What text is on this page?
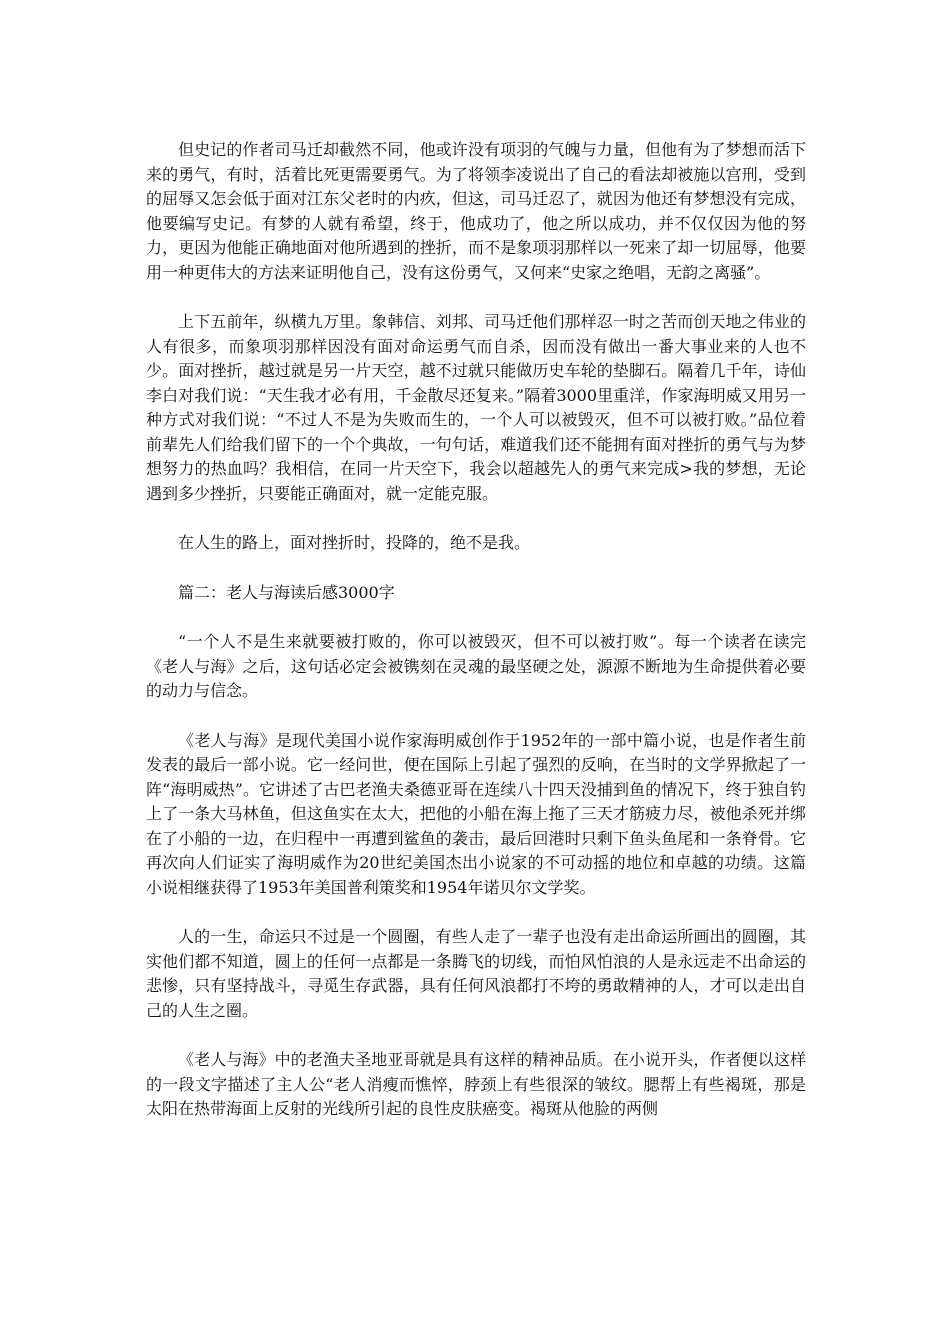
但史记的作者司马迁却截然不同，他或许没有项羽的气魄与力量，但他有为了梦想而活下来的勇气，有时，活着比死更需要勇气。为了将领李凌说出了自己的看法却被施以宫刑，受到的屈辱又怎会低于面对江东父老时的内疚，但这，司马迁忍了，就因为他还有梦想没有完成，他要编写史记。有梦的人就有希望，终于，他成功了，他之所以成功，并不仅仅因为他的努力，更因为他能正确地面对他所遇到的挫折，而不是象项羽那样以一死来了却一切屈辱，他要用一种更伟大的方法来证明他自己，没有这份勇气，又何来“史家之绝唱，无韵之离骚”。

上下五前年，纵横九万里。象韩信、刘邦、司马迁他们那样忍一时之苦而创天地之伟业的人有很多，而象项羽那样因没有面对命运勇气而自杀，因而没有做出一番大事业来的人也不少。面对挫折，越过就是另一片天空，越不过就只能做历史车轮的垫脚石。隔着几千年，诗仙李白对我们说：“天生我才必有用，千金散尽还复来。”隔着3000里重洋，作家海明威又用另一种方式对我们说：“不过人不是为失败而生的，一个人可以被毁灭，但不可以被打败。”品位着前辈先人们给我们留下的一个个典故，一句句话，难道我们还不能拥有面对挫折的勇气与为梦想努力的热血吗？我相信，在同一片天空下，我会以超越先人的勇气来完成>我的梦想，无论遇到多少挫折，只要能正确面对，就一定能克服。

在人生的路上，面对挫折时，投降的，绝不是我。

篇二：老人与海读后感3000字

“一个人不是生来就要被打败的，你可以被毁灭，但不可以被打败”。每一个读者在读完《老人与海》之后，这句话必定会被镌刻在灵魂的最坚硬之处，源源不断地为生命提供着必要的动力与信念。

《老人与海》是现代美国小说作家海明威创作于1952年的一部中篇小说，也是作者生前发表的最后一部小说。它一经问世，便在国际上引起了强烈的反响，在当时的文学界掀起了一阵“海明威热”。它讲述了古巴老渔夫桑德亚哥在连续八十四天没捕到鱼的情况下，终于独自钓上了一条大马林鱼，但这鱼实在太大，把他的小船在海上拖了三天才筋疲力尽，被他杀死并绑在了小船的一边，在归程中一再遭到鲨鱼的袭击，最后回港时只剩下鱼头鱼尾和一条脊骨。它再次向人们证实了海明威作为20世纪美国杰出小说家的不可动摇的地位和卓越的功绩。这篇小说相继获得了1953年美国普利策奖和1954年诺贝尔文学奖。

人的一生，命运只不过是一个圆圈，有些人走了一辈子也没有走出命运所画出的圆圈，其实他们都不知道，圆上的任何一点都是一条腾飞的切线，而怕风怕浪的人是永远走不出命运的悲惨，只有坚持战斗，寻觅生存武器，具有任何风浪都打不垮的勇敢精神的人，才可以走出自己的人生之圈。

《老人与海》中的老渔夫圣地亚哥就是具有这样的精神品质。在小说开头，作者便以这样的一段文字描述了主人公“老人消瘦而憔悴，脖颈上有些很深的皱纹。腮帮上有些褐斑，那是太阳在热带海面上反射的光线所引起的良性皮肤癌变。褐斑从他脸的两侧
